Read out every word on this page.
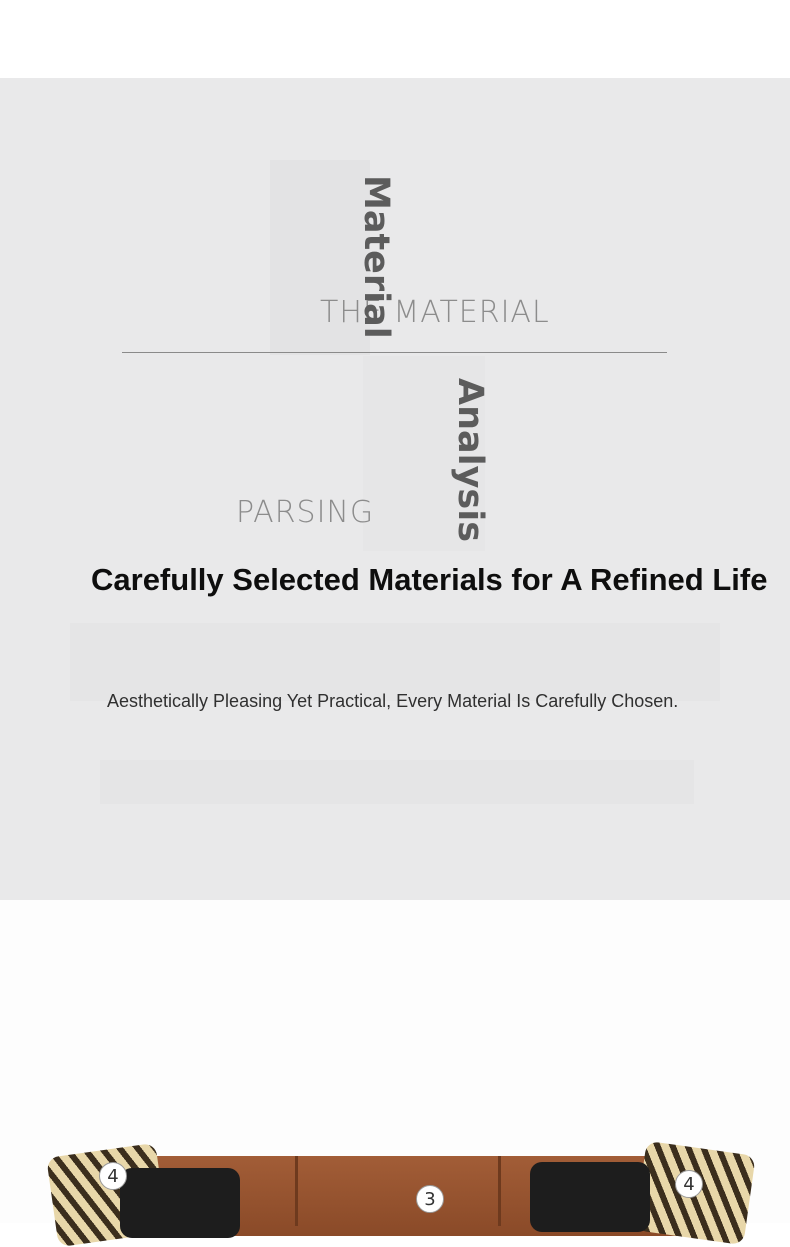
THE MATERIAL
PARSING
Material
Analysis
Carefully Selected Materials for A Refined Life
Aesthetically Pleasing Yet Practical, Every Material Is Carefully Chosen.
4
3
4
